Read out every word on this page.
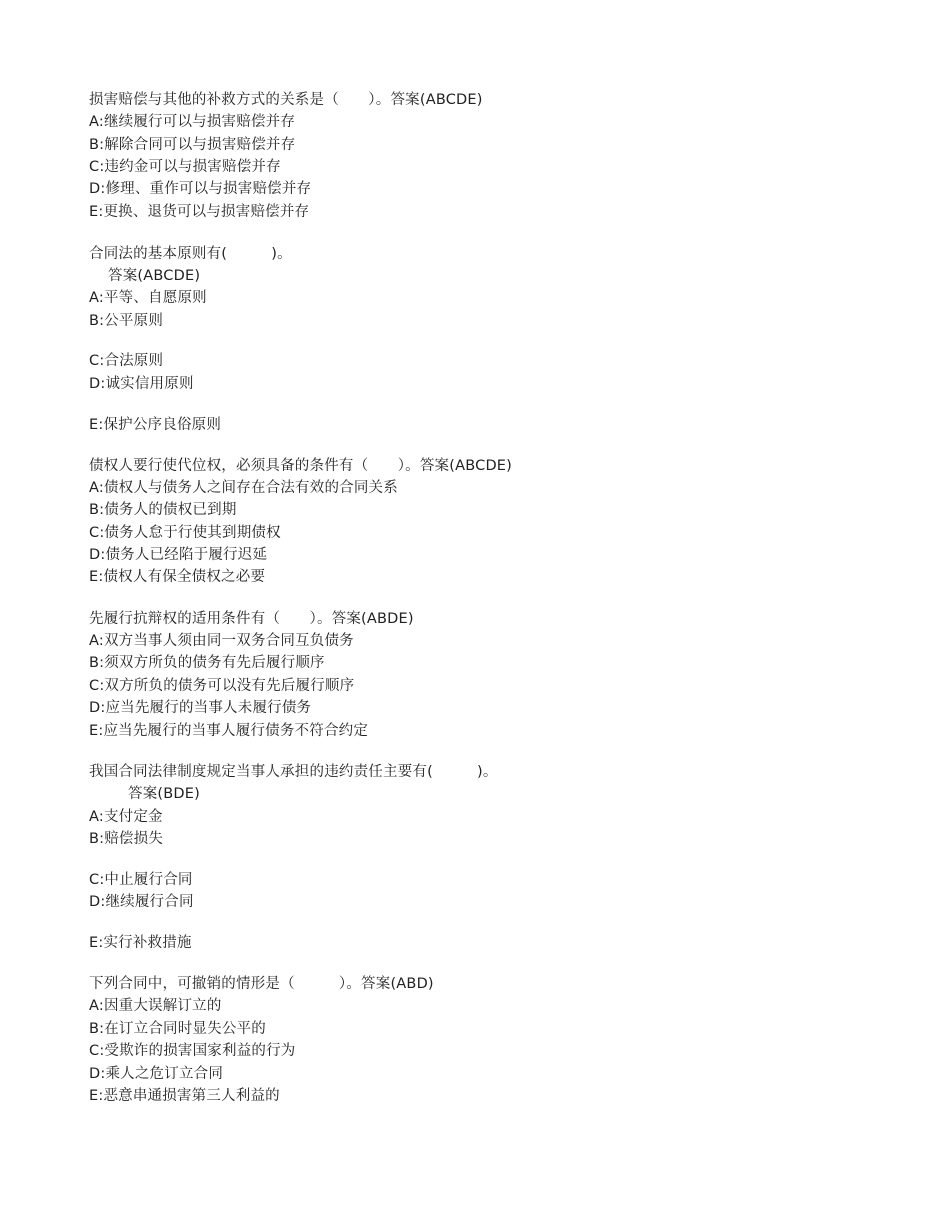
损害赔偿与其他的补救方式的关系是（　　）。答案(ABCDE)
A:继续履行可以与损害赔偿并存
B:解除合同可以与损害赔偿并存
C:违约金可以与损害赔偿并存
D:修理、重作可以与损害赔偿并存
E:更换、退货可以与损害赔偿并存
合同法的基本原则有(　　　)。
答案(ABCDE)
A:平等、自愿原则
B:公平原则
C:合法原则
D:诚实信用原则
E:保护公序良俗原则
债权人要行使代位权，必须具备的条件有（　　）。答案(ABCDE)
A:债权人与债务人之间存在合法有效的合同关系
B:债务人的债权已到期
C:债务人怠于行使其到期债权
D:债务人已经陷于履行迟延
E:债权人有保全债权之必要
先履行抗辩权的适用条件有（　　）。答案(ABDE)
A:双方当事人须由同一双务合同互负债务
B:须双方所负的债务有先后履行顺序
C:双方所负的债务可以没有先后履行顺序
D:应当先履行的当事人未履行债务
E:应当先履行的当事人履行债务不符合约定
我国合同法律制度规定当事人承担的违约责任主要有(　　　)。
答案(BDE)
A:支付定金
B:赔偿损失
C:中止履行合同
D:继续履行合同
E:实行补救措施
下列合同中，可撤销的情形是（　　　）。答案(ABD)
A:因重大误解订立的
B:在订立合同时显失公平的
C:受欺诈的损害国家利益的行为
D:乘人之危订立合同
E:恶意串通损害第三人利益的
